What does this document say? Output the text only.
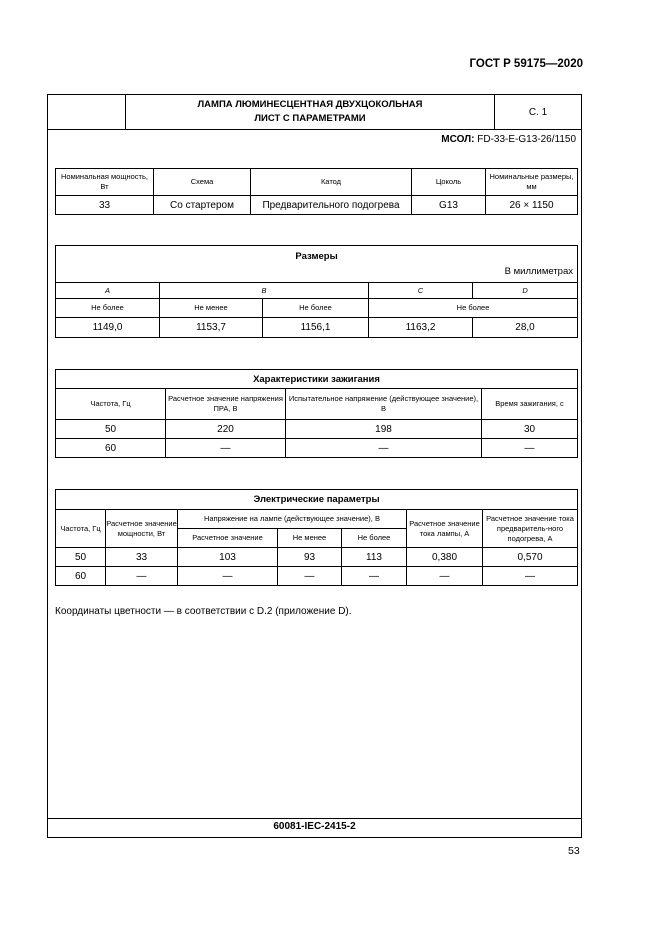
ГОСТ Р 59175—2020
ЛАМПА ЛЮМИНЕСЦЕНТНАЯ ДВУХЦОКОЛЬНАЯ
ЛИСТ С ПАРАМЕТРАМИ
С. 1
МСОЛ: FD-33-E-G13-26/1150
Номинальная мощность, Вт	Схема	Катод	Цоколь	Номинальные размеры, мм
33	Со стартером	Предварительного подогрева	G13	26 × 1150
Размеры				
A	B		C	D
Не более	Не менее	Не более	Не более	
1149,0	1153,7	1156,1	1163,2	28,0
В миллиметрах
Характеристики зажигания			
Частота, Гц	Расчетное значение напряжения ПРА, В	Испытательное напряжение (действующее значение), В	Время зажигания, с
50	220	198	30
60	—	—	—
Электрические параметры						
Частота, Гц	Расчетное значение мощности, Вт	Напряжение на лампе (действующее значение), В			Расчетное значение тока лампы, А	Расчетное значение тока предваритель-ного подогрева, А
		Расчетное значение	Не менее	Не более		
50	33	103	93	113	0,380	0,570
60	—	—	—	—	—	—
Координаты цветности — в соответствии с D.2 (приложение D).
60081-IEC-2415-2
53
